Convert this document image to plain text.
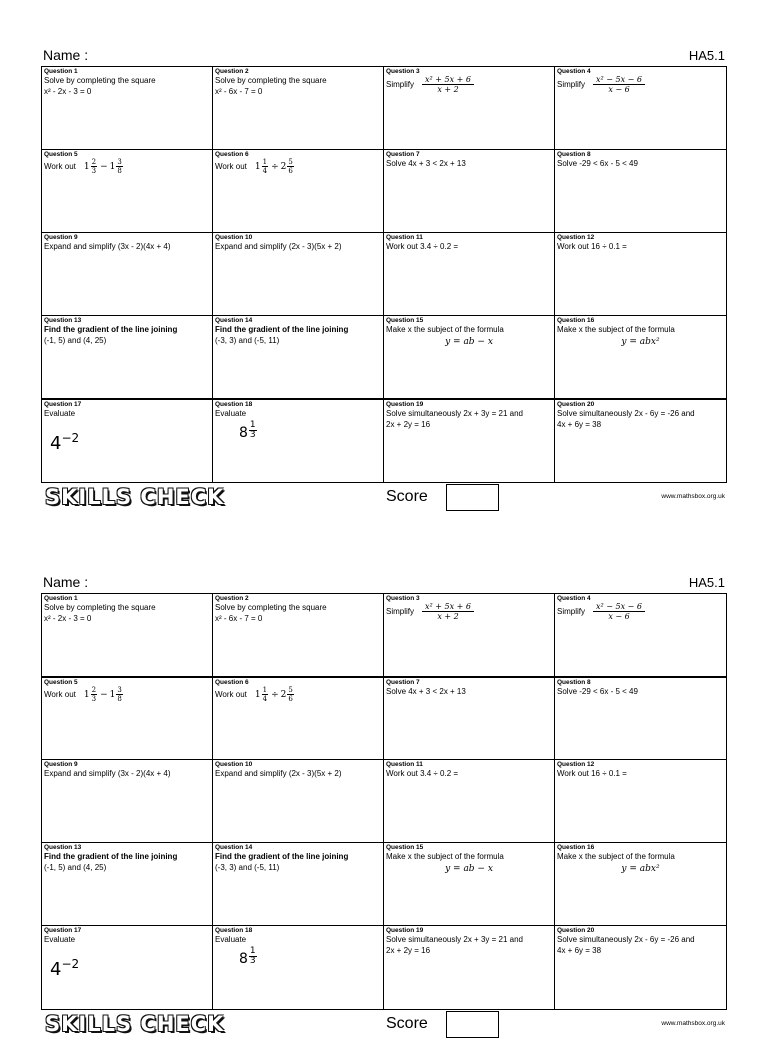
Name :	HA5.1
Question 1
Solve by completing the square
x² - 2x - 3 = 0
Question 2
Solve by completing the square
x² - 6x - 7 = 0
Question 3
Simplify $\frac{\text{x² + 5x + 6}}{x + 2}$
Question 4
Simplify $\frac{\text{x² − 5x − 6}}{x - 6}$
Question 5
Work out $1 \frac{2}{3} - 1 \frac{3}{8}$
Question 6
Work out $1 \frac{1}{4} \div 2 \frac{5}{6}$
Question 7
Solve 4x + 3 < 2x + 13
Question 8
Solve -29 < 6x - 5 < 49
Question 9
Expand and simplify (3x - 2)(4x + 4)
Question 10
Expand and simplify (2x - 3)(5x + 2)
Question 11
Work out 3.4 ÷ 0.2 =
Question 12
Work out 16 ÷ 0.1 =
Question 13
Find the gradient of the line joining
(-1, 5) and (4, 25)
Question 14
Find the gradient of the line joining
(-3, 3) and (-5, 11)
Question 15
Make x the subject of the formula
y = ab − x
Question 16
Make x the subject of the formula
y = abx²
Question 17
Evaluate
$4^{-2}$
Question 18
Evaluate
$8 \frac{1}{3}$
Question 19
Solve simultaneously 2x + 3y = 21 and
2x + 2y = 16
Question 20
Solve simultaneously 2x - 6y = -26 and
4x + 6y = 38
SKILLS CHECK	Score	www.mathsbox.org.uk
Name :	HA5.1
Question 1
Solve by completing the square
x² - 2x - 3 = 0
Question 2
Solve by completing the square
x² - 6x - 7 = 0
Question 3
Simplify $\frac{\text{x² + 5x + 6}}{x + 2}$
Question 4
Simplify $\frac{\text{x² − 5x − 6}}{x - 6}$
Question 5
Work out $1 \frac{2}{3} - 1 \frac{3}{8}$
Question 6
Work out $1 \frac{1}{4} \div 2 \frac{5}{6}$
Question 7
Solve 4x + 3 < 2x + 13
Question 8
Solve -29 < 6x - 5 < 49
Question 9
Expand and simplify (3x - 2)(4x + 4)
Question 10
Expand and simplify (2x - 3)(5x + 2)
Question 11
Work out 3.4 ÷ 0.2 =
Question 12
Work out 16 ÷ 0.1 =
Question 13
Find the gradient of the line joining
(-1, 5) and (4, 25)
Question 14
Find the gradient of the line joining
(-3, 3) and (-5, 11)
Question 15
Make x the subject of the formula
y = ab − x
Question 16
Make x the subject of the formula
y = abx²
Question 17
Evaluate
$4^{-2}$
Question 18
Evaluate
$8 \frac{1}{3}$
Question 19
Solve simultaneously 2x + 3y = 21 and
2x + 2y = 16
Question 20
Solve simultaneously 2x - 6y = -26 and
4x + 6y = 38
SKILLS CHECK	Score	www.mathsbox.org.uk
